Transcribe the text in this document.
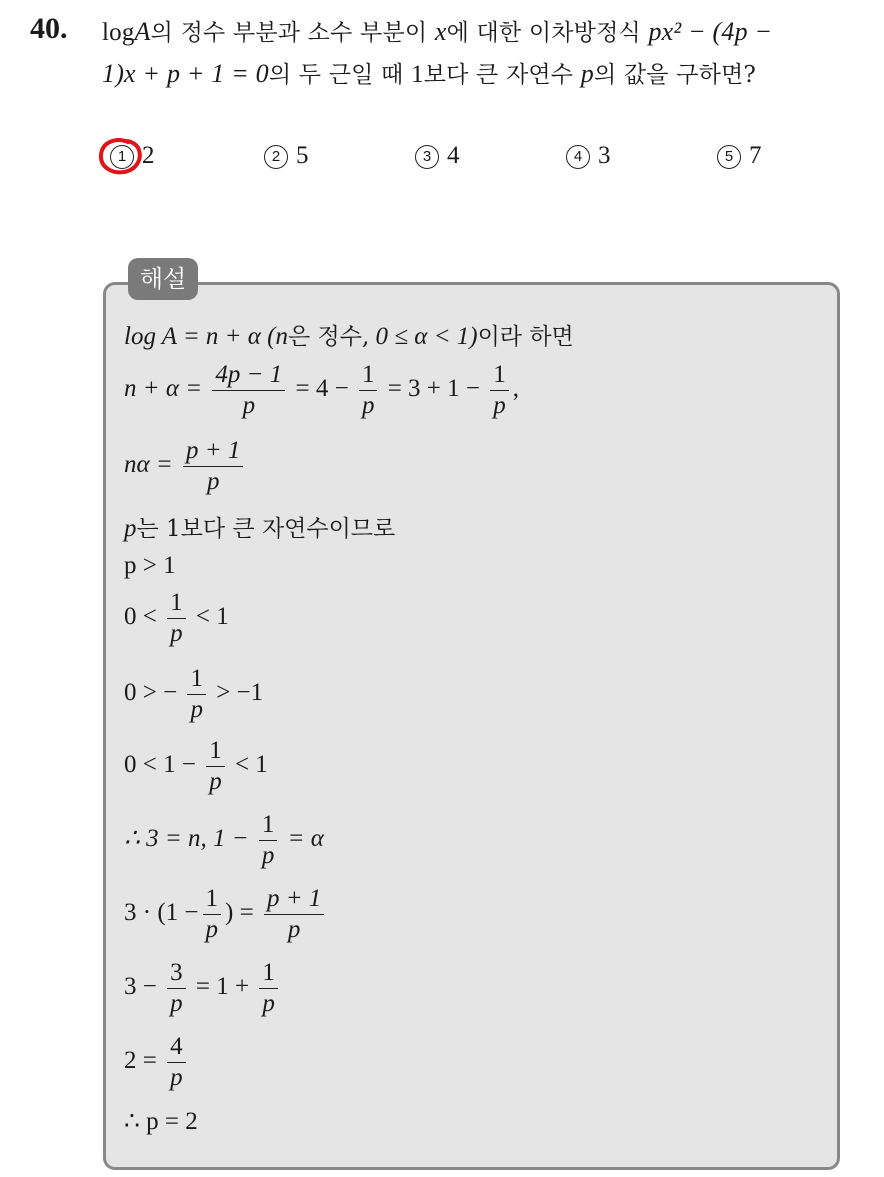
40. logA의 정수 부분과 소수 부분이 x에 대한 이차방정식 px² − (4p −
1)x + p + 1 = 0의 두 근일 때 1보다 큰 자연수 p의 값을 구하면?
1 2	2 5	3 4	4 3	5 7
해설
log A = n + α (n은 정수, 0 ≤ α < 1)이라 하면
$n + \alpha = \frac{4p - 1}{p} = 4 - \frac{1}{p} = 3 + 1 - \frac{1}{p}$ ,
$n\alpha = \frac{p + 1}{p}$
p는 1보다 큰 자연수이므로
p > 1
$0 < \frac{1}{p} < 1$
0 > − $\frac{1}{p} > -1$
$0 < 1 - \frac{1}{p} < 1$
∴ 3 = n, $1 - \frac{1}{p} = \alpha$
$3 \cdot (1 - \frac{1}{p}$ ) = $\frac{p + 1}{p}$
$3 - \frac{3}{p} = 1 + \frac{1}{p}$
$2 = \frac{4}{p}$
∴ p = 2
